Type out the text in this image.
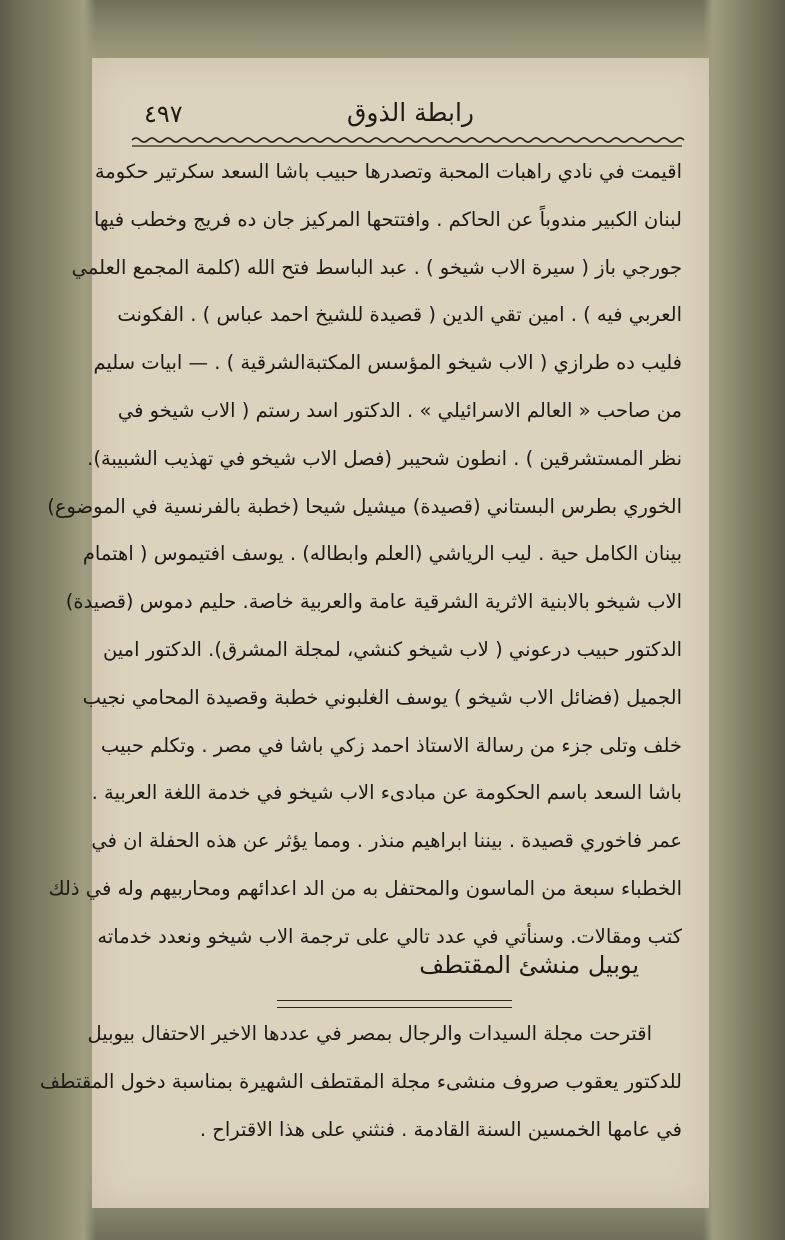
رابطة الذوق
٤٩٧
اقيمت في نادي راهبات المحبة وتصدرها حبيب باشا السعد سكرتير حكومة
لبنان الكبير مندوباً عن الحاكم . وافتتحها المركيز جان ده فريج وخطب فيها
جورجي باز ( سيرة الاب شيخو ) . عبد الباسط فتح الله (كلمة المجمع العلمي
العربي فيه ) . امين تقي الدين ( قصيدة للشيخ احمد عباس ) . الفكونت
فليب ده طرازي ( الاب شيخو المؤسس المكتبةالشرقية ) . — ابيات سليم
من صاحب « العالم الاسرائيلي » . الدكتور اسد رستم ( الاب شيخو في
نظر المستشرقين ) . انطون شحيبر (فصل الاب شيخو في تهذيب الشبيبة).
الخوري بطرس البستاني (قصيدة) ميشيل شيحا (خطبة بالفرنسية في الموضوع)
بينان الكامل حية . ليب الرياشي (العلم وابطاله) . يوسف افتيموس ( اهتمام
الاب شيخو بالابنية الاثرية الشرقية عامة والعربية خاصة. حليم دموس (قصيدة)
الدكتور حبيب درعوني ( لاب شيخو كنشي، لمجلة المشرق). الدكتور امين
الجميل (فضائل الاب شيخو ) يوسف الغلبوني خطبة وقصيدة المحامي نجيب
خلف وتلى جزء من رسالة الاستاذ احمد زكي باشا في مصر . وتكلم حبيب
باشا السعد باسم الحكومة عن مبادىء الاب شيخو في خدمة اللغة العربية .
عمر فاخوري قصيدة . بيننا ابراهيم منذر . ومما يؤثر عن هذه الحفلة ان في
الخطباء سبعة من الماسون والمحتفل به من الد اعدائهم ومحاربيهم وله في ذلك
كتب ومقالات. وسنأتي في عدد تالي على ترجمة الاب شيخو ونعدد خدماته
يوبيل منشئ المقتطف
اقترحت مجلة السيدات والرجال بمصر في عددها الاخير الاحتفال بيوبيل
للدكتور يعقوب صروف منشىء مجلة المقتطف الشهيرة بمناسبة دخول المقتطف
في عامها الخمسين السنة القادمة . فنثني على هذا الاقتراح .
